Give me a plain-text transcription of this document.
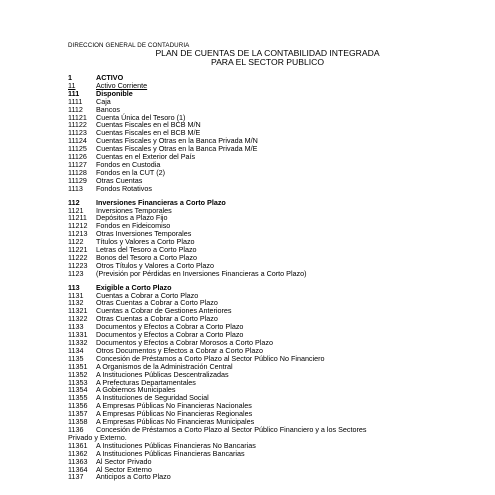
DIRECCION GENERAL DE CONTADURIA
PLAN DE CUENTAS DE LA CONTABILIDAD INTEGRADA
PARA EL SECTOR PUBLICO
1	ACTIVO
11	Activo Corriente
111	Disponible
1111	Caja
1112	Bancos
11121	Cuenta Única del Tesoro (1)
11122	Cuentas Fiscales en el BCB M/N
11123	Cuentas Fiscales en el BCB M/E
11124	Cuentas Fiscales y Otras en la Banca Privada M/N
11125	Cuentas Fiscales y Otras en la Banca Privada M/E
11126	Cuentas en el Exterior del País
11127	Fondos en Custodia
11128	Fondos en la CUT (2)
11129	Otras Cuentas
1113	Fondos Rotativos
112	Inversiones Financieras a Corto Plazo
1121	Inversiones Temporales
11211	Depósitos a Plazo Fijo
11212	Fondos en Fideicomiso
11213	Otras Inversiones Temporales
1122	Títulos y Valores a Corto Plazo
11221	Letras del Tesoro a Corto Plazo
11222	Bonos del Tesoro a Corto Plazo
11223	Otros Títulos y Valores a Corto Plazo
1123	(Previsión por Pérdidas en Inversiones Financieras a Corto Plazo)
113	Exigible a Corto Plazo
1131	Cuentas a Cobrar a Corto Plazo
1132	Otras Cuentas a Cobrar a Corto Plazo
11321	Cuentas a Cobrar de Gestiones Anteriores
11322	Otras Cuentas a Cobrar a Corto Plazo
1133	Documentos y Efectos a Cobrar a Corto Plazo
11331	Documentos y Efectos a Cobrar a Corto Plazo
11332	Documentos y Efectos a Cobrar Morosos a Corto Plazo
1134	Otros Documentos y Efectos a Cobrar a Corto Plazo
1135	Concesión de Préstamos a Corto Plazo al Sector Público No Financiero
11351	A Organismos de la Administración Central
11352	A Instituciones Públicas Descentralizadas
11353	A Prefecturas Departamentales
11354	A Gobiernos Municipales
11355	A Instituciones de Seguridad Social
11356	A Empresas Públicas No Financieras Nacionales
11357	A Empresas Públicas No Financieras Regionales
11358	A Empresas Públicas No Financieras Municipales
1136	Concesión de Préstamos a Corto Plazo al Sector Público Financiero y a los Sectores
Privado y Externo.
11361	A Instituciones Públicas Financieras No Bancarias
11362	A Instituciones Públicas Financieras Bancarias
11363	Al Sector Privado
11364	Al Sector Externo
1137	Anticipos a Corto Plazo
